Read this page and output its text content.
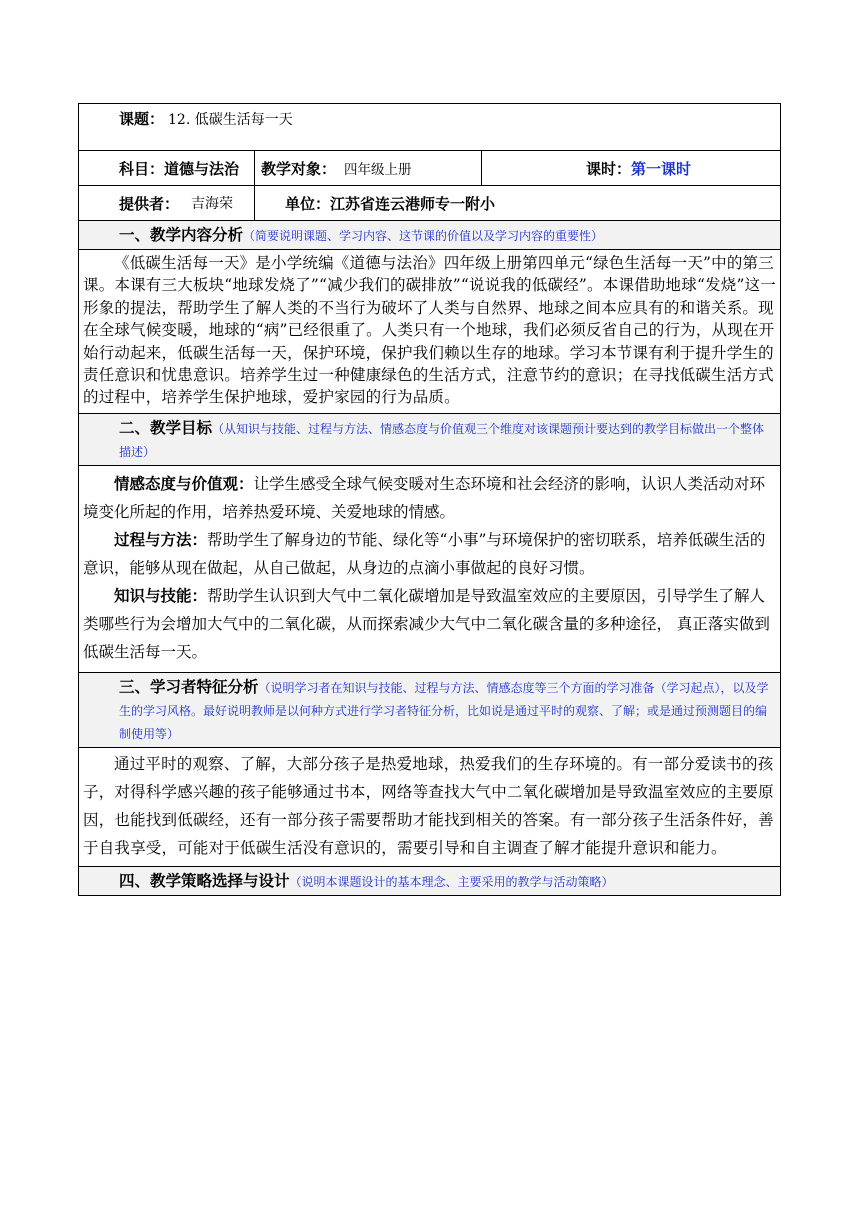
课题： 12. 低碳生活每一天
科目： 道德与法治 教学对象： 四年级上册	课时： 第一课时
提供者： 吉海荣	单位： 江苏省连云港师专一附小
一、教学内容分析（简要说明课题、学习内容、这节课的价值以及学习内容的重要性）
《低碳生活每一天》是小学统编《道德与法治》四年级上册第四单元“绿色生活每一天”中的第三课。本课有三大板块“地球发烧了”“减少我们的碳排放”“说说我的低碳经”。本课借助地球“发烧”这一形象的提法，帮助学生了解人类的不当行为破坏了人类与自然界、地球之间本应具有的和谐关系。现在全球气候变暖，地球的“病”已经很重了。人类只有一个地球，我们必须反省自己的行为，从现在开始行动起来，低碳生活每一天，保护环境，保护我们赖以生存的地球。学习本节课有利于提升学生的责任意识和忧患意识。培养学生过一种健康绿色的生活方式，注意节约的意识；在寻找低碳生活方式的过程中，培养学生保护地球，爱护家园的行为品质。
二、教学目标（从知识与技能、过程与方法、情感态度与价值观三个维度对该课题预计要达到的教学目标做出一个整体描述）

情感态度与价值观：让学生感受全球气候变暖对生态环境和社会经济的影响，认识人类活动对环境变化所起的作用，培养热爱环境、关爱地球的情感。

过程与方法：帮助学生了解身边的节能、绿化等“小事”与环境保护的密切联系，培养低碳生活的意识，能够从现在做起，从自己做起，从身边的点滴小事做起的良好习惯。

知识与技能：帮助学生认识到大气中二氧化碳增加是导致温室效应的主要原因，引导学生了解人类哪些行为会增加大气中的二氧化碳，从而探索减少大气中二氧化碳含量的多种途径， 真正落实做到低碳生活每一天。

三、学习者特征分析（说明学习者在知识与技能、过程与方法、情感态度等三个方面的学习准备（学习起点），以及学生的学习风格。最好说明教师是以何种方式进行学习者特征分析，比如说是通过平时的观察、了解；或是通过预测题目的编制使用等）
通过平时的观察、了解，大部分孩子是热爱地球，热爱我们的生存环境的。有一部分爱读书的孩子，对得科学感兴趣的孩子能够通过书本，网络等查找大气中二氧化碳增加是导致温室效应的主要原因，也能找到低碳经，还有一部分孩子需要帮助才能找到相关的答案。有一部分孩子生活条件好，善于自我享受，可能对于低碳生活没有意识的，需要引导和自主调查了解才能提升意识和能力。
四、教学策略选择与设计（说明本课题设计的基本理念、主要采用的教学与活动策略）
